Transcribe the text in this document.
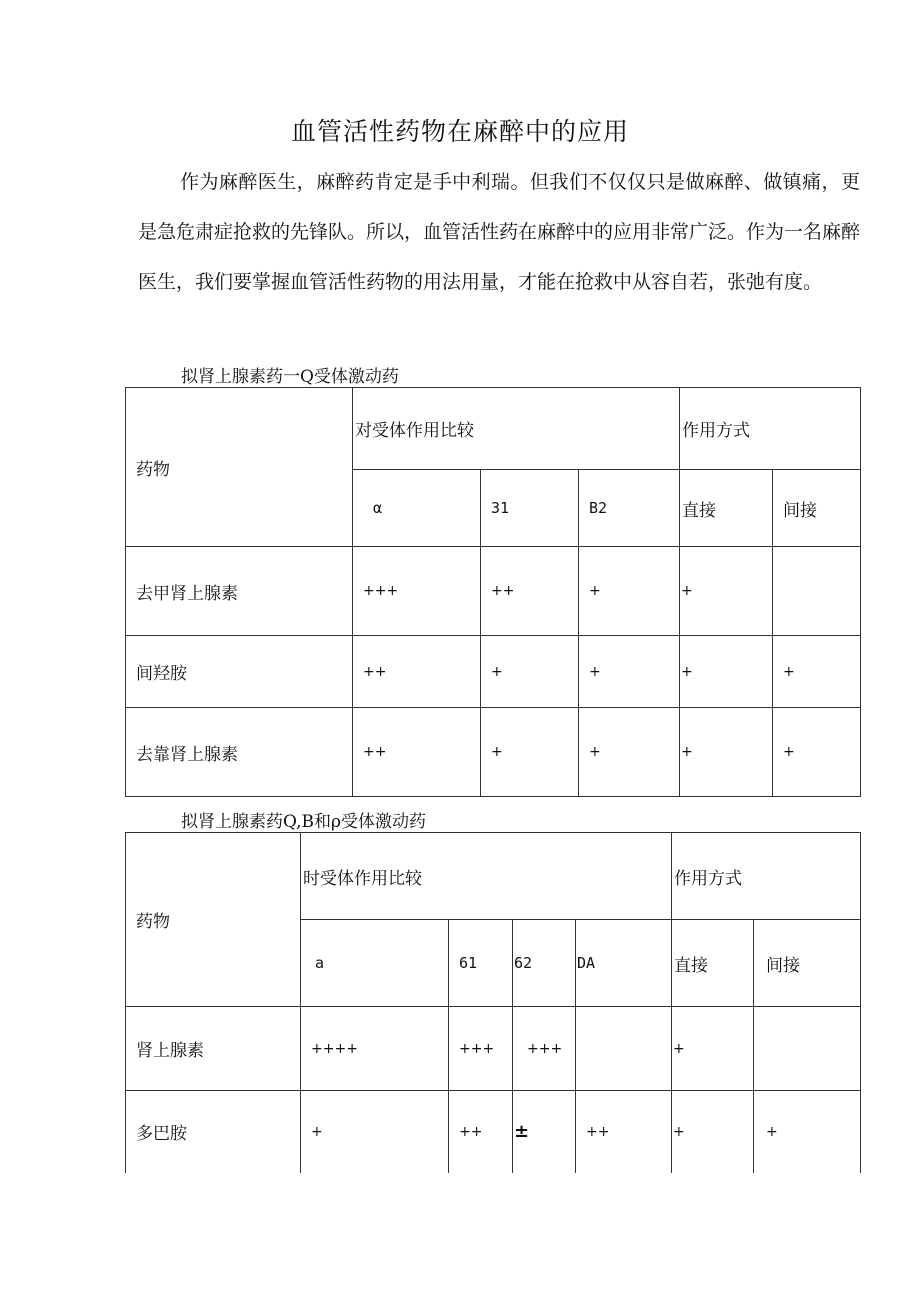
血管活性药物在麻醉中的应用

作为麻醉医生，麻醉药肯定是手中利瑞。但我们不仅仅只是做麻醉、做镇痛，更是急危肃症抢救的先锋队。所以，血管活性药在麻醉中的应用非常广泛。作为一名麻醉医生，我们要掌握血管活性药物的用法用量，才能在抢救中从容自若，张弛有度。

拟肾上腺素药一Q受体激动药
药物	对受体作用比较			作用方式	
	α	31	B2	直接	间接
去甲肾上腺素	+++	++	+	+	
间羟胺	++	+	+	+	+
去靠肾上腺素	++	+	+	+	+
拟肾上腺素药Q,B和ρ受体激动药
药物	时受体作用比较				作用方式	
	a	61	62	DA	直接	间接
肾上腺素	++++	+++	+++		+	
多巴胺	+	++	±	++	+	+
